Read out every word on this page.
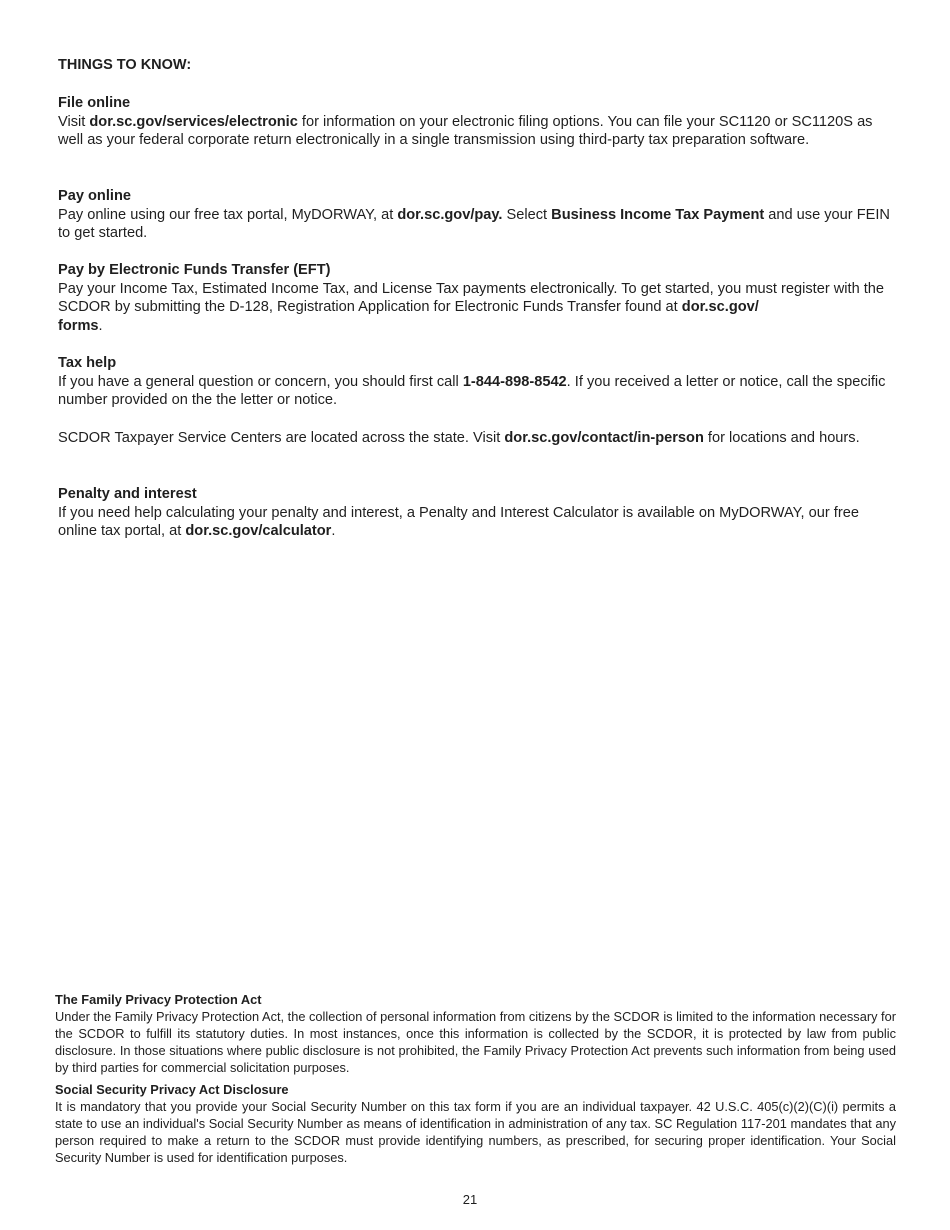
THINGS TO KNOW:
File online

Visit dor.sc.gov/services/electronic for information on your electronic filing options. You can file your SC1120 or SC1120S as well as your federal corporate return electronically in a single transmission using third-party tax preparation software.

Pay online

Pay online using our free tax portal, MyDORWAY, at dor.sc.gov/pay. Select Business Income Tax Payment and use your FEIN to get started.

Pay by Electronic Funds Transfer (EFT)

Pay your Income Tax, Estimated Income Tax, and License Tax payments electronically. To get started, you must register with the SCDOR by submitting the D-128, Registration Application for Electronic Funds Transfer found at dor.sc.gov/
forms.

Tax help

If you have a general question or concern, you should first call 1-844-898-8542. If you received a letter or notice, call the specific number provided on the the letter or notice.

SCDOR Taxpayer Service Centers are located across the state. Visit dor.sc.gov/contact/in-person for locations and hours.

Penalty and interest

If you need help calculating your penalty and interest, a Penalty and Interest Calculator is available on MyDORWAY, our free online tax portal, at dor.sc.gov/calculator.

The Family Privacy Protection Act

Under the Family Privacy Protection Act, the collection of personal information from citizens by the SCDOR is limited to the information necessary for the SCDOR to fulfill its statutory duties. In most instances, once this information is collected by the SCDOR, it is protected by law from public disclosure. In those situations where public disclosure is not prohibited, the Family Privacy Protection Act prevents such information from being used by third parties for commercial solicitation purposes.

Social Security Privacy Act Disclosure

It is mandatory that you provide your Social Security Number on this tax form if you are an individual taxpayer. 42 U.S.C. 405(c)(2)(C)(i) permits a state to use an individual's Social Security Number as means of identification in administration of any tax. SC Regulation 117-201 mandates that any person required to make a return to the SCDOR must provide identifying numbers, as prescribed, for securing proper identification. Your Social Security Number is used for identification purposes.

21
